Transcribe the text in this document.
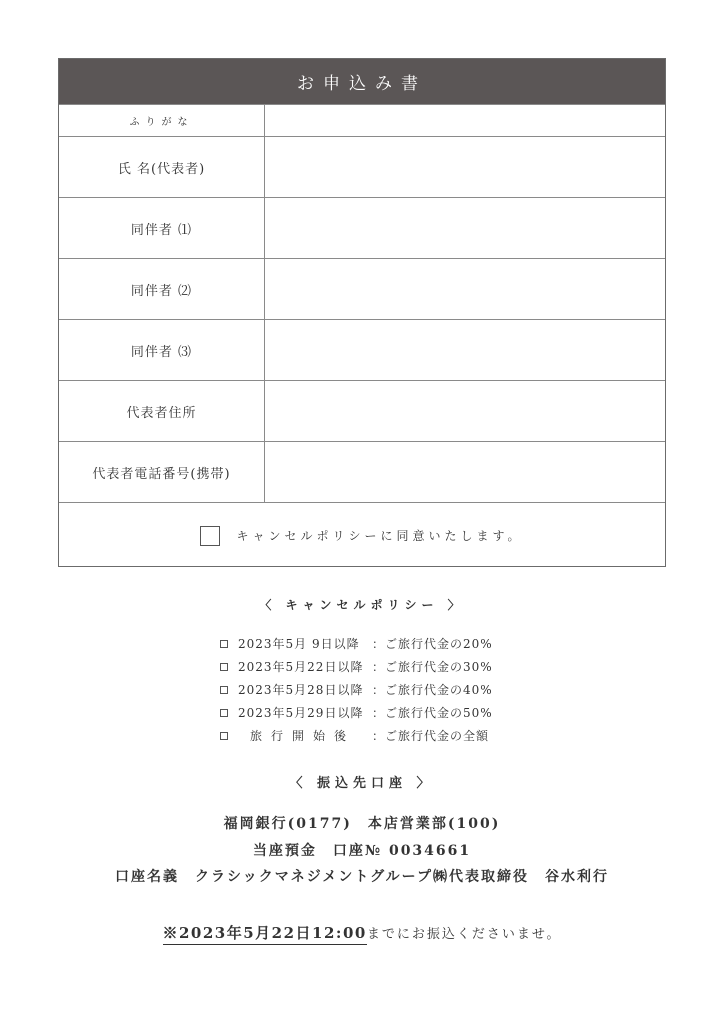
お申込み書
ふりがな
氏 名(代表者)
同伴者 ⑴
同伴者 ⑵
同伴者 ⑶
代表者住所
代表者電話番号(携帯)
キャンセルポリシーに同意いたします。
〈 キャンセルポリシー 〉
2023年5月 9日以降	：ご旅行代金の20%
2023年5月22日以降 ：ご旅行代金の30%
2023年5月28日以降 ：ご旅行代金の40%
2023年5月29日以降 ：ご旅行代金の50%
旅行開始後	：ご旅行代金の全額
〈 振込先口座 〉
福岡銀行(0177)　本店営業部(100)
当座預金　口座№ 0034661
口座名義　クラシックマネジメントグループ㈱代表取締役　谷水利行
※2023年5月22日12:00までにお振込くださいませ。
